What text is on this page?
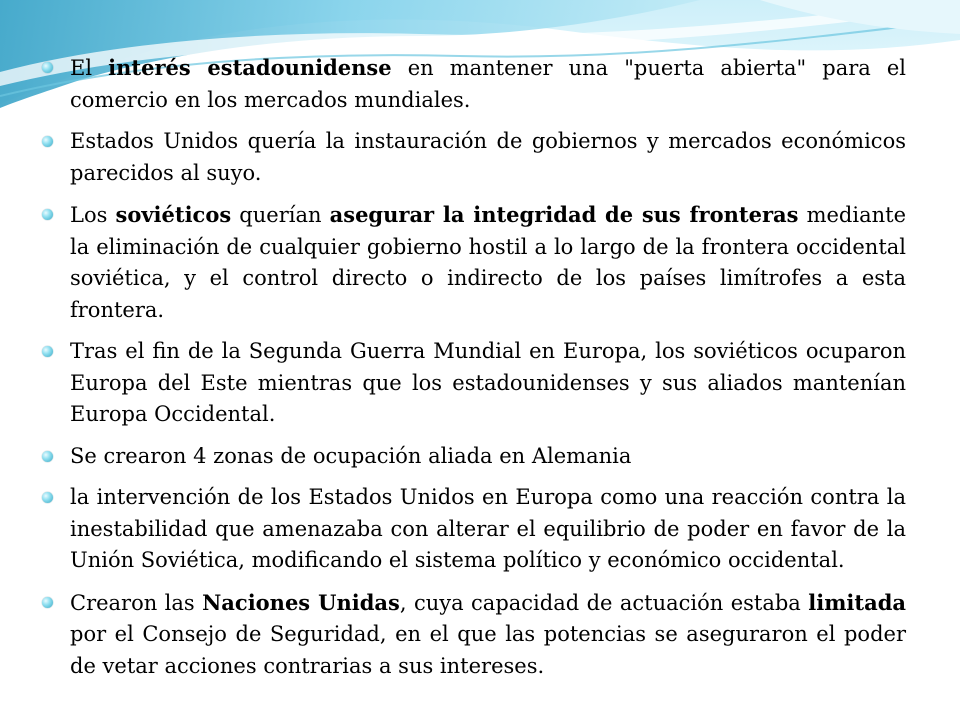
El interés estadounidense en mantener una "puerta abierta" para el comercio en los mercados mundiales.
Estados Unidos quería la instauración de gobiernos y mercados económicos parecidos al suyo.
Los soviéticos querían asegurar la integridad de sus fronteras mediante la eliminación de cualquier gobierno hostil a lo largo de la frontera occidental soviética, y el control directo o indirecto de los países limítrofes a esta frontera.
Tras el fin de la Segunda Guerra Mundial en Europa, los soviéticos ocuparon Europa del Este mientras que los estadounidenses y sus aliados mantenían Europa Occidental.
Se crearon 4 zonas de ocupación aliada en Alemania
la intervención de los Estados Unidos en Europa como una reacción contra la inestabilidad que amenazaba con alterar el equilibrio de poder en favor de la Unión Soviética, modificando el sistema político y económico occidental.
Crearon las Naciones Unidas, cuya capacidad de actuación estaba limitada por el Consejo de Seguridad, en el que las potencias se aseguraron el poder de vetar acciones contrarias a sus intereses.
